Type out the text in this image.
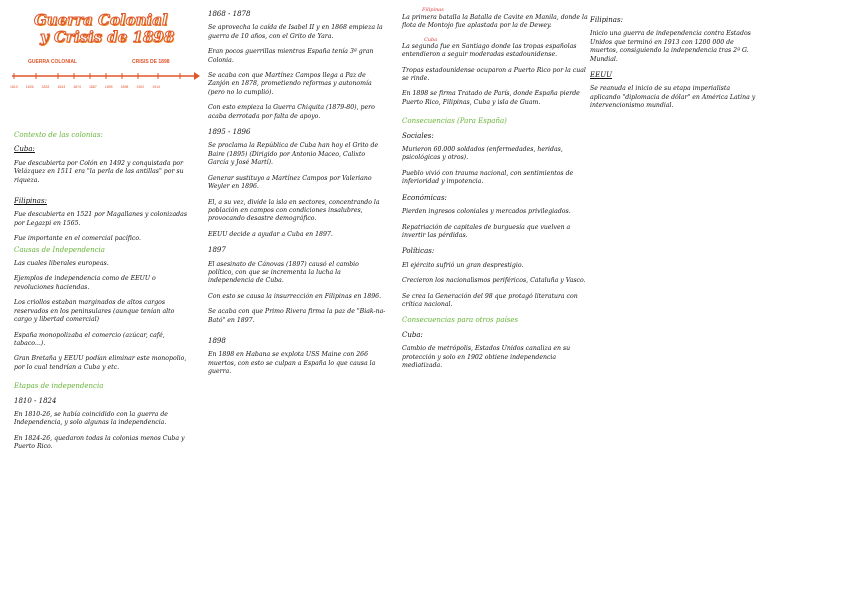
Guerra Colonial
y Crisis de 1898
GUERRA COLONIAL	CRISIS DE 1898
1810 1826 1833 1843 1874 1887 1895 1898 1902 1914
Contexto de las colonias:
Cuba:
Fue descubierta por Colón en 1492 y conquistada por Velázquez en 1511 era "la perla de las antillas" por su riqueza.
Filipinas:
Fue descubierta en 1521 por Magallanes y colonizadas por Legazpi en 1565.
Fue importante en el comercial pacífico.
Causas de Independencia
Las cuales liberales europeas.
Ejemplos de independencia como de EEUU o revoluciones haciendas.
Los criollos estaban marginados de altos cargos reservados en los peninsulares (aunque tenían alto cargo y libertad comercial)
España monopolizaba el comercio (azúcar, café, tabaco...).
Gran Bretaña y EEUU podían eliminar este monopolio, por lo cual tendrían a Cuba y etc.
Etapas de independencia
1810 - 1824
En 1810-26, se había coincidido con la guerra de Independencia, y solo algunas la independencia.
En 1824-26, quedaron todas la colonias menos Cuba y Puerto Rico.
1868 - 1878
Se aprovecha la caída de Isabel II y en 1868 empieza la guerra de 10 años, con el Grito de Yara.
Eran pocos guerrillas mientras España tenía 3ª gran Colonia.
Se acaba con que Martínez Campos llega a Paz de Zanjón en 1878, prometiendo reformas y autonomía (pero no lo cumplió).
Con esto empieza la Guerra Chiquita (1879-80), pero acaba derrotada por falta de apoyo.
1895 - 1896
Se proclama la República de Cuba han hoy el Grito de Baire (1895) (Dirigido por Antonio Maceo, Calixto García y José Martí).
Generar sustituyo a Martínez Campos por Valeriano Weyler en 1896.
El, a su vez, divide la isla en sectores, concentrando la población en campos con condiciones insalubres, provocando desastre demográfico.
EEUU decide a ayudar a Cuba en 1897.
1897
El asesinato de Cánovas (1897) causó el cambio político, con que se incrementa la lucha la independencia de Cuba.
Con esto se causa la insurrección en Filipinas en 1896.
Se acaba con que Primo Rivera firma la paz de "Biak-na-Bató" en 1897.
1898
En 1898 en Habana se explota USS Maine con 266 muertos, con esto se culpan a España lo que causa la guerra.
Filipinas
La primera batalla la Batalla de Cavite en Manila, donde la flota de Montojo fue aplastada por la de Dewey.
Cuba
La segunda fue en Santiago donde las tropas españolas entendieron a seguir moderadas estadounidense.
Tropas estadounidense ocuparon a Puerto Rico por la cual se rinde.
En 1898 se firma Tratado de París, donde España pierde Puerto Rico, Filipinas, Cuba y isla de Guam.
Consecuencias (Para España)
Sociales:
Murieron 60.000 soldados (enfermedades, heridas, psicológicas y otros).
Pueblo vivió con trauma nacional, con sentimientos de inferioridad y impotencia.
Económicas:
Pierden ingresos coloniales y mercados privilegiados.
Repatriación de capitales de burguesía que vuelven a invertir las pérdidas.
Políticas:
El ejército sufrió un gran desprestigio.
Crecieron los nacionalismos periféricos, Cataluña y Vasco.
Se crea la Generación del 98 que protagó literatura con crítica nacional.
Consecuencias para otros países
Cuba:
Cambio de metrópolis, Estados Unidos canaliza en su protección y solo en 1902 obtiene independencia mediatizada.
Filipinas:
Inicio una guerra de independencia contra Estados Unidos que terminó en 1913 con 1200 000 de muertos, consiguiendo la independencia tras 2ª G. Mundial.
EEUU
Se reanuda el inicio de su etapa imperialista aplicando "diplomacia de dólar" en América Latina y intervencionismo mundial.
